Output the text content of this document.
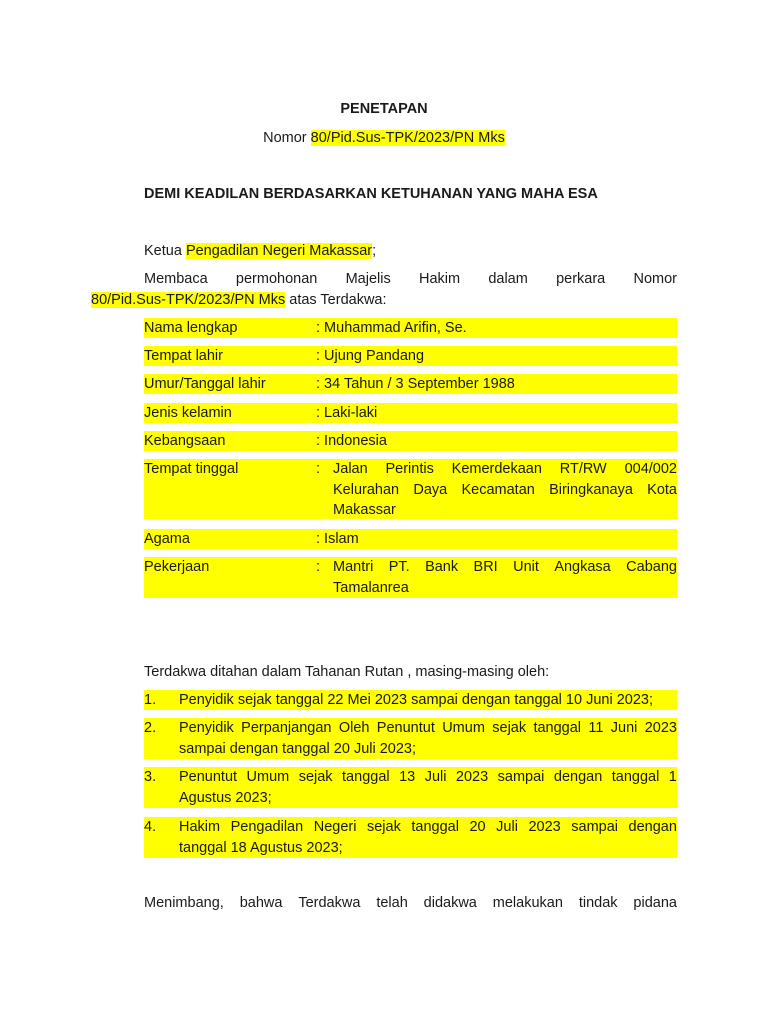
PENETAPAN
Nomor 80/Pid.Sus-TPK/2023/PN Mks
DEMI KEADILAN BERDASARKAN KETUHANAN YANG MAHA ESA
Ketua Pengadilan Negeri Makassar;
Membaca permohonan Majelis Hakim dalam perkara Nomor
80/Pid.Sus-TPK/2023/PN Mks atas Terdakwa:
Nama lengkap	: Muhammad Arifin, Se.
Tempat lahir	: Ujung Pandang
Umur/Tanggal lahir	: 34 Tahun / 3 September 1988
Jenis kelamin	: Laki-laki
Kebangsaan	: Indonesia
Tempat tinggal	: Jalan Perintis Kemerdekaan RT/RW 004/002
Kelurahan Daya Kecamatan Biringkanaya Kota
Makassar
Agama	: Islam
Pekerjaan	: Mantri PT. Bank BRI Unit Angkasa Cabang
Tamalanrea
Terdakwa ditahan dalam Tahanan Rutan , masing-masing oleh:
1. Penyidik sejak tanggal 22 Mei 2023 sampai dengan tanggal 10 Juni 2023;
2. Penyidik Perpanjangan Oleh Penuntut Umum sejak tanggal 11 Juni 2023
sampai dengan tanggal 20 Juli 2023;
3. Penuntut Umum sejak tanggal 13 Juli 2023 sampai dengan tanggal 1
Agustus 2023;
4. Hakim Pengadilan Negeri sejak tanggal 20 Juli 2023 sampai dengan
tanggal 18 Agustus 2023;
Menimbang, bahwa Terdakwa telah didakwa melakukan tindak pidana
